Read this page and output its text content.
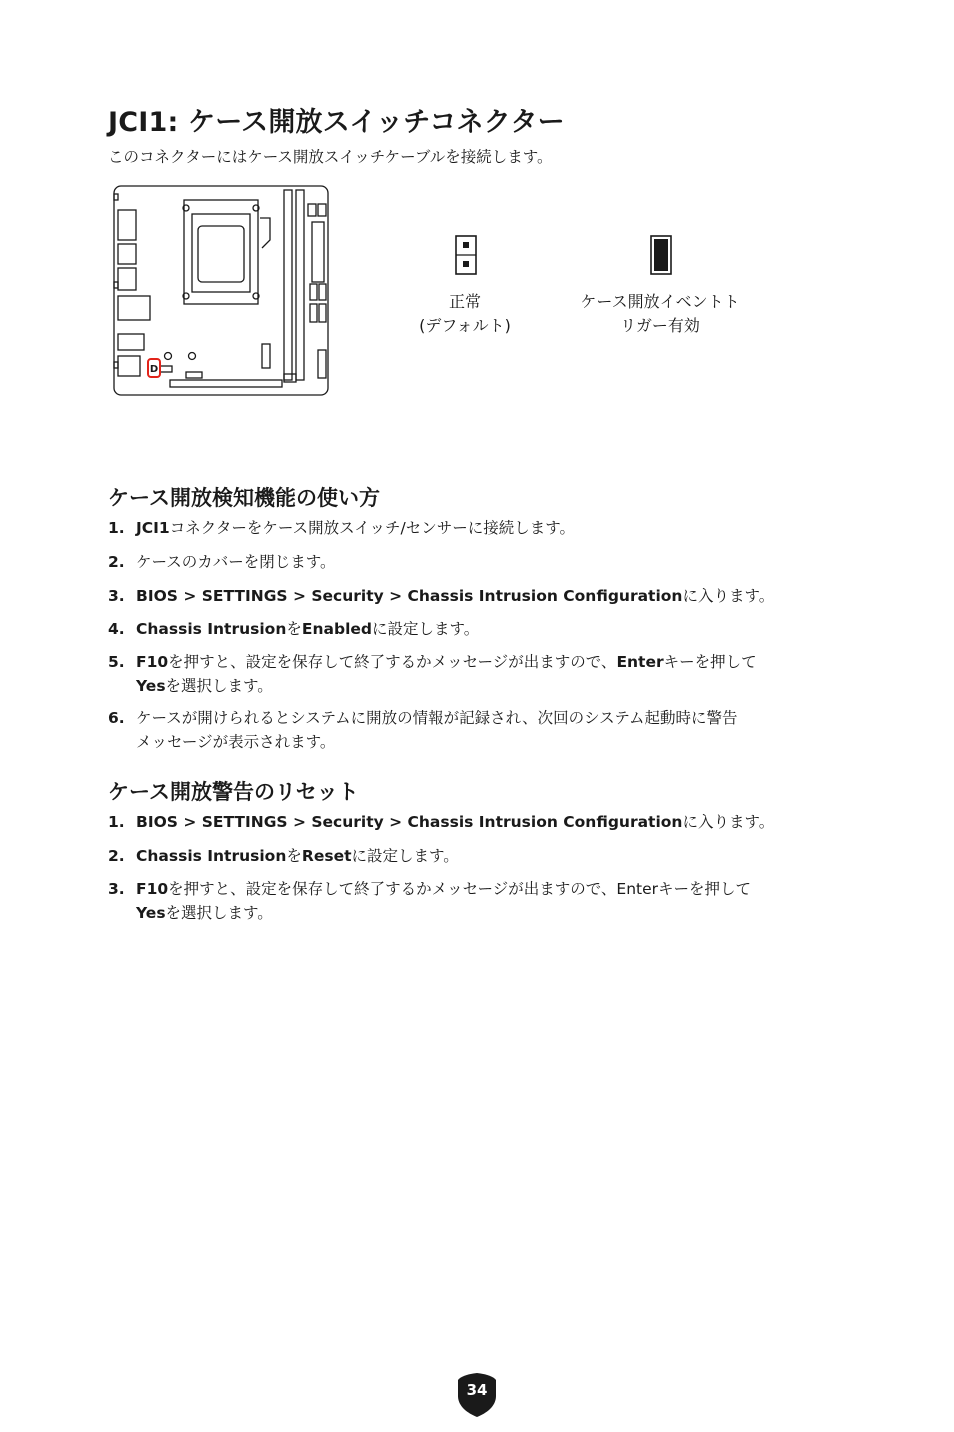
JCI1: ケース開放スイッチコネクター
このコネクターにはケース開放スイッチケーブルを接続します。
D
正常
(デフォルト)
ケース開放イベントト
リガー有効
ケース開放検知機能の使い方
1. JCI1コネクターをケース開放スイッチ/センサーに接続します。
2. ケースのカバーを閉じます。
3. BIOS > SETTINGS > Security > Chassis Intrusion Configurationに入ります。
4. Chassis IntrusionをEnabledに設定します。
5. F10を押すと、設定を保存して終了するかメッセージが出ますので、Enterキーを押して
Yesを選択します。
6. ケースが開けられるとシステムに開放の情報が記録され、次回のシステム起動時に警告
メッセージが表示されます。
ケース開放警告のリセット
1. BIOS > SETTINGS > Security > Chassis Intrusion Configurationに入ります。
2. Chassis IntrusionをResetに設定します。
3. F10を押すと、設定を保存して終了するかメッセージが出ますので、Enterキーを押して
Yesを選択します。
34
